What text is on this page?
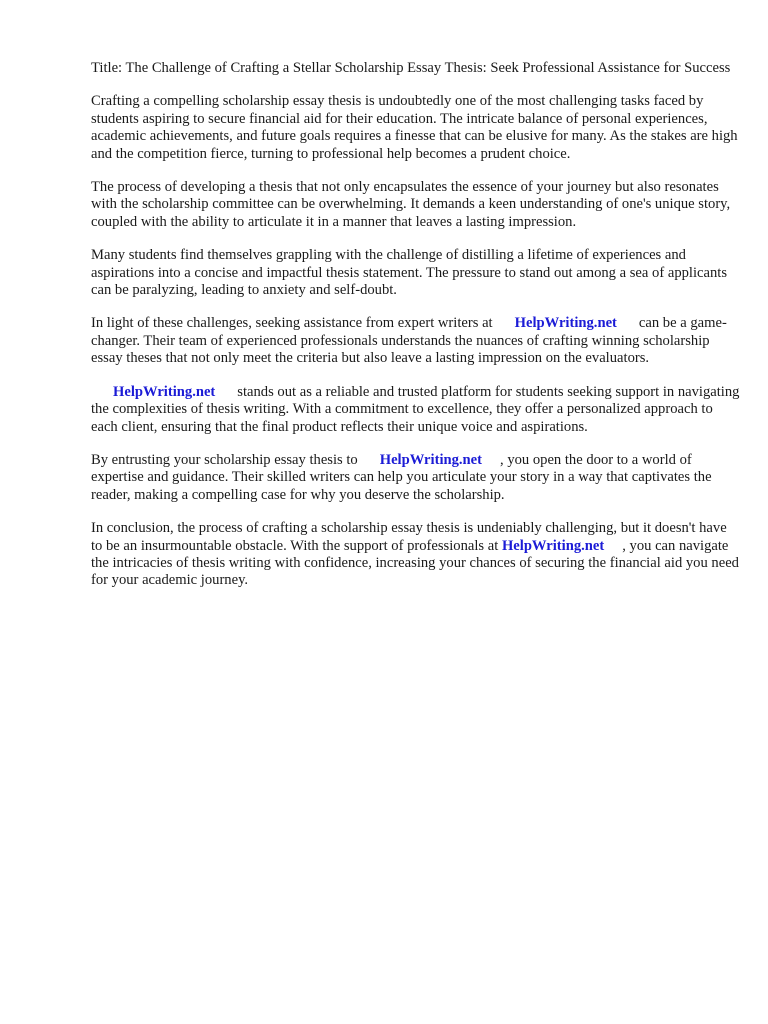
Title: The Challenge of Crafting a Stellar Scholarship Essay Thesis: Seek Professional Assistance for Success

Crafting a compelling scholarship essay thesis is undoubtedly one of the most challenging tasks faced by students aspiring to secure financial aid for their education. The intricate balance of personal experiences, academic achievements, and future goals requires a finesse that can be elusive for many. As the stakes are high and the competition fierce, turning to professional help becomes a prudent choice.

The process of developing a thesis that not only encapsulates the essence of your journey but also resonates with the scholarship committee can be overwhelming. It demands a keen understanding of one's unique story, coupled with the ability to articulate it in a manner that leaves a lasting impression.

Many students find themselves grappling with the challenge of distilling a lifetime of experiences and aspirations into a concise and impactful thesis statement. The pressure to stand out among a sea of applicants can be paralyzing, leading to anxiety and self-doubt.

In light of these challenges, seeking assistance from expert writers at HelpWriting.net can be a game-changer. Their team of experienced professionals understands the nuances of crafting winning scholarship essay theses that not only meet the criteria but also leave a lasting impression on the evaluators.

HelpWriting.net stands out as a reliable and trusted platform for students seeking support in navigating the complexities of thesis writing. With a commitment to excellence, they offer a personalized approach to each client, ensuring that the final product reflects their unique voice and aspirations.

By entrusting your scholarship essay thesis to HelpWriting.net , you open the door to a world of expertise and guidance. Their skilled writers can help you articulate your story in a way that captivates the reader, making a compelling case for why you deserve the scholarship.

In conclusion, the process of crafting a scholarship essay thesis is undeniably challenging, but it doesn't have to be an insurmountable obstacle. With the support of professionals at HelpWriting.net , you can navigate the intricacies of thesis writing with confidence, increasing your chances of securing the financial aid you need for your academic journey.
